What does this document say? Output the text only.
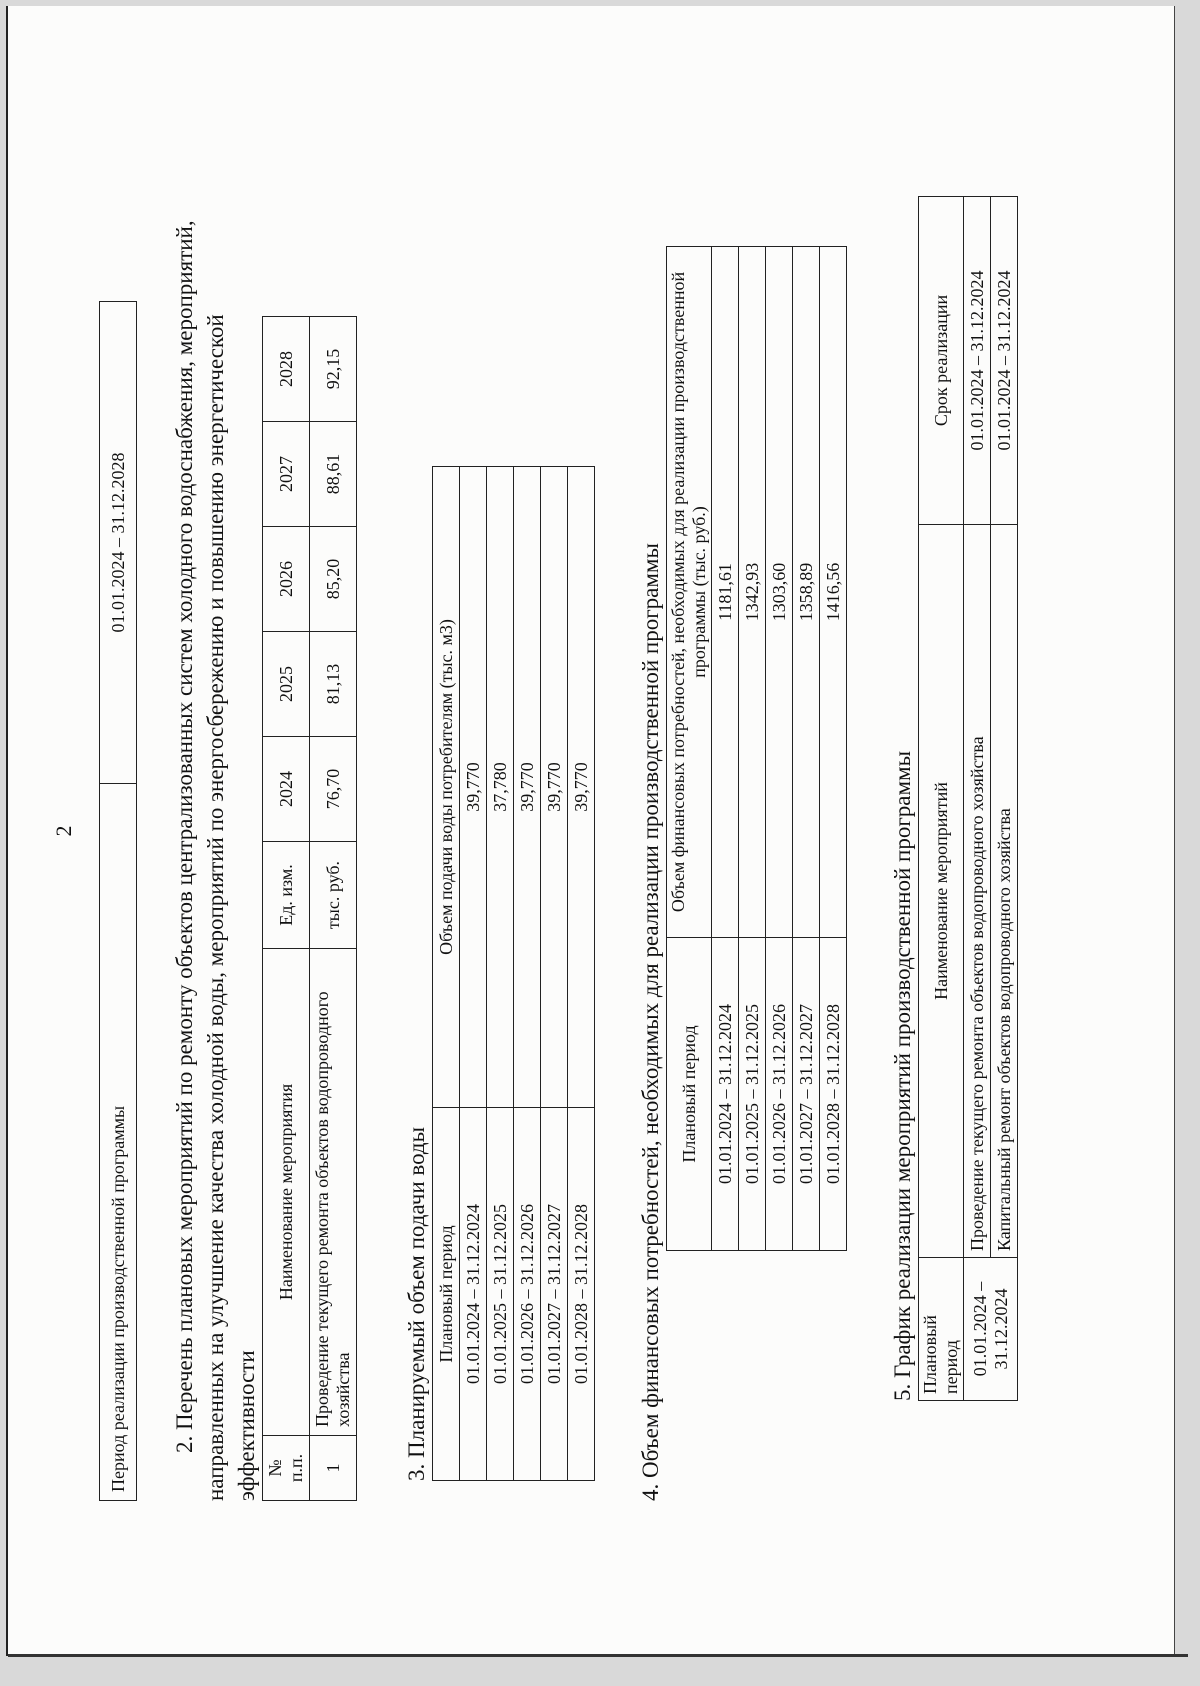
2
Период реализации производственной программы	01.01.2024 – 31.12.2028 2. Перечень плановых мероприятий по ремонту объектов централизованных систем холодного водоснабжения, мероприятий, направленных на улучшение качества холодной воды, мероприятий по энергосбережению и повышению энергетической эффективности № п.п.	Наименование мероприятия	Ед. изм.	2024	2025	2026	2027	2028
1	Проведение текущего ремонта объектов водопроводного хозяйства	тыс. руб.	76,70	81,13	85,20	88,61	92,15

3. Планируемый объем подачи воды Плановый период	Объем подачи воды потребителям (тыс. м3)
01.01.2024 – 31.12.2024	39,770
01.01.2025 – 31.12.2025	37,780
01.01.2026 – 31.12.2026	39,770
01.01.2027 – 31.12.2027	39,770
01.01.2028 – 31.12.2028	39,770 4. Объем финансовых потребностей, необходимых для реализации производственной программы Плановый период	Объем финансовых потребностей, необходимых для реализации производственной программы (тыс. руб.)
01.01.2024 – 31.12.2024	1181,61
01.01.2025 – 31.12.2025	1342,93
01.01.2026 – 31.12.2026	1303,60
01.01.2027 – 31.12.2027	1358,89
01.01.2028 – 31.12.2028	1416,56

5. График реализации мероприятий производственной программы Плановый период	Наименование мероприятий	Срок реализации
01.01.2024 – 31.12.2024	Проведение текущего ремонта объектов водопроводного хозяйства	01.01.2024 – 31.12.2024
	Капитальный ремонт объектов водопроводного хозяйства	01.01.2024 – 31.12.2024
